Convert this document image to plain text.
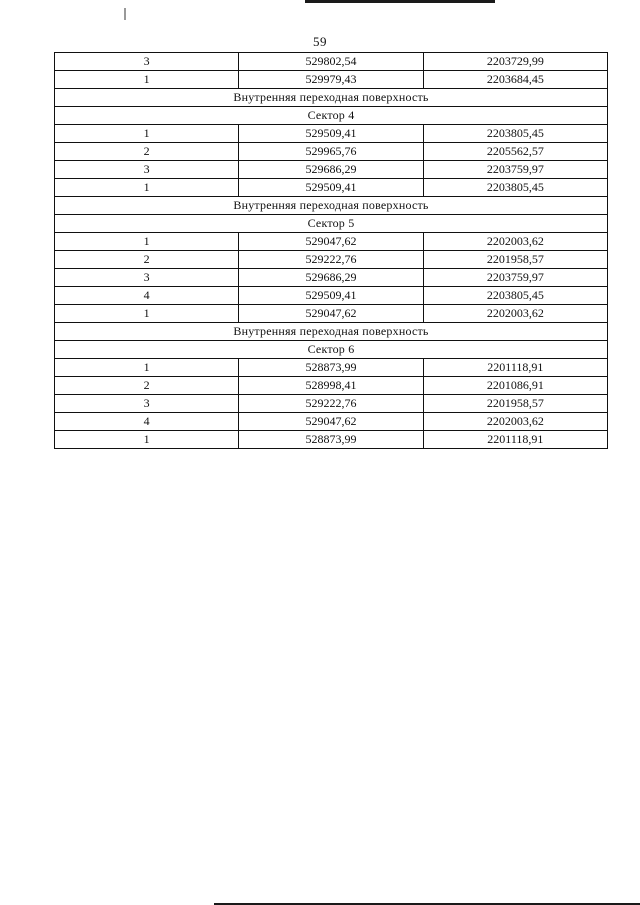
59
3	529802,54	2203729,99
1	529979,43	2203684,45
Внутренняя переходная поверхность		
Сектор 4		
1	529509,41	2203805,45
2	529965,76	2205562,57
3	529686,29	2203759,97
1	529509,41	2203805,45
Внутренняя переходная поверхность		
Сектор 5		
1	529047,62	2202003,62
2	529222,76	2201958,57
3	529686,29	2203759,97
4	529509,41	2203805,45
1	529047,62	2202003,62
Внутренняя переходная поверхность		
Сектор 6		
1	528873,99	2201118,91
2	528998,41	2201086,91
3	529222,76	2201958,57
4	529047,62	2202003,62
1	528873,99	2201118,91
